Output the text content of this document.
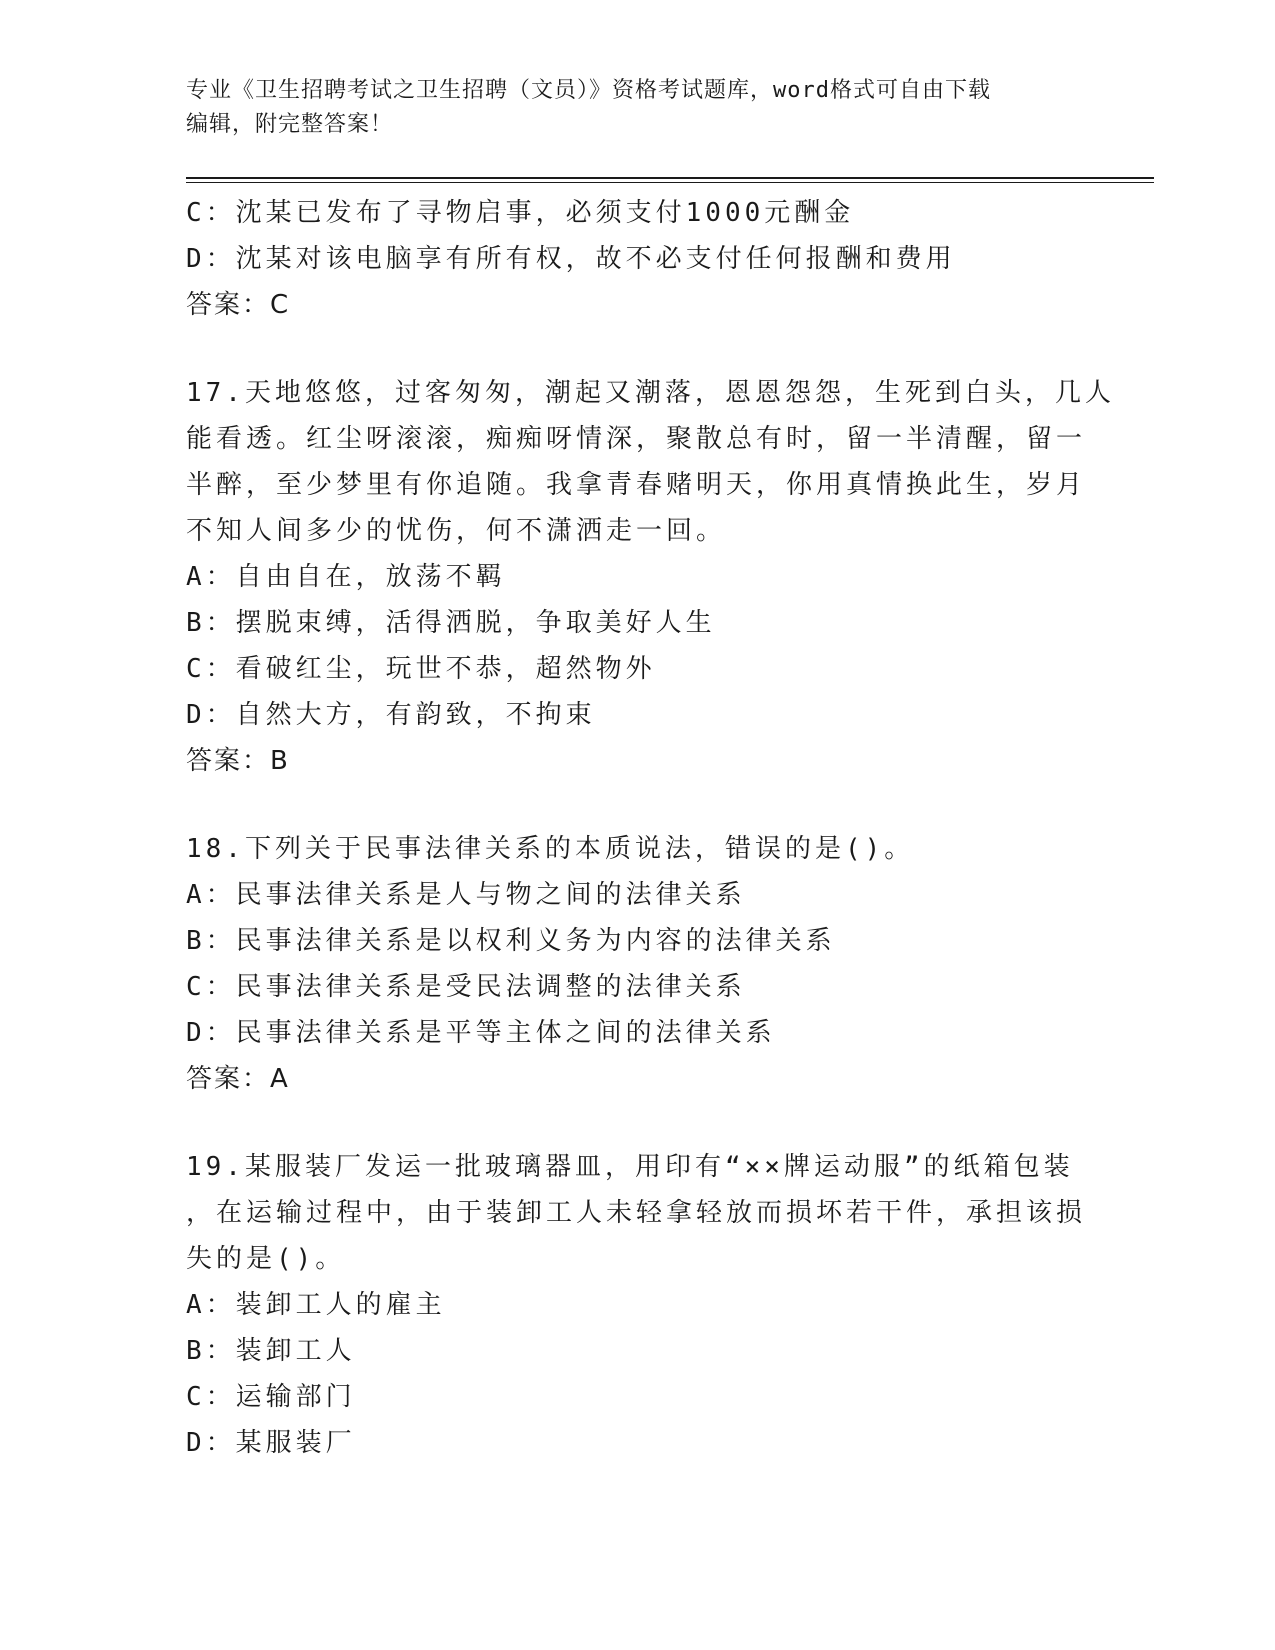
专业《卫生招聘考试之卫生招聘（文员）》资格考试题库，word格式可自由下载
编辑，附完整答案！
C：沈某已发布了寻物启事，必须支付1000元酬金
D：沈某对该电脑享有所有权，故不必支付任何报酬和费用
答案：C
17.天地悠悠，过客匆匆，潮起又潮落，恩恩怨怨，生死到白头，几人
能看透。红尘呀滚滚，痴痴呀情深，聚散总有时，留一半清醒，留一
半醉，至少梦里有你追随。我拿青春赌明天，你用真情换此生，岁月
不知人间多少的忧伤，何不潇洒走一回。
A：自由自在，放荡不羁
B：摆脱束缚，活得洒脱，争取美好人生
C：看破红尘，玩世不恭，超然物外
D：自然大方，有韵致，不拘束
答案：B
18.下列关于民事法律关系的本质说法，错误的是()。
A：民事法律关系是人与物之间的法律关系
B：民事法律关系是以权利义务为内容的法律关系
C：民事法律关系是受民法调整的法律关系
D：民事法律关系是平等主体之间的法律关系
答案：A
19.某服装厂发运一批玻璃器皿，用印有“××牌运动服”的纸箱包装
，在运输过程中，由于装卸工人未轻拿轻放而损坏若干件，承担该损
失的是()。
A：装卸工人的雇主
B：装卸工人
C：运输部门
D：某服装厂
